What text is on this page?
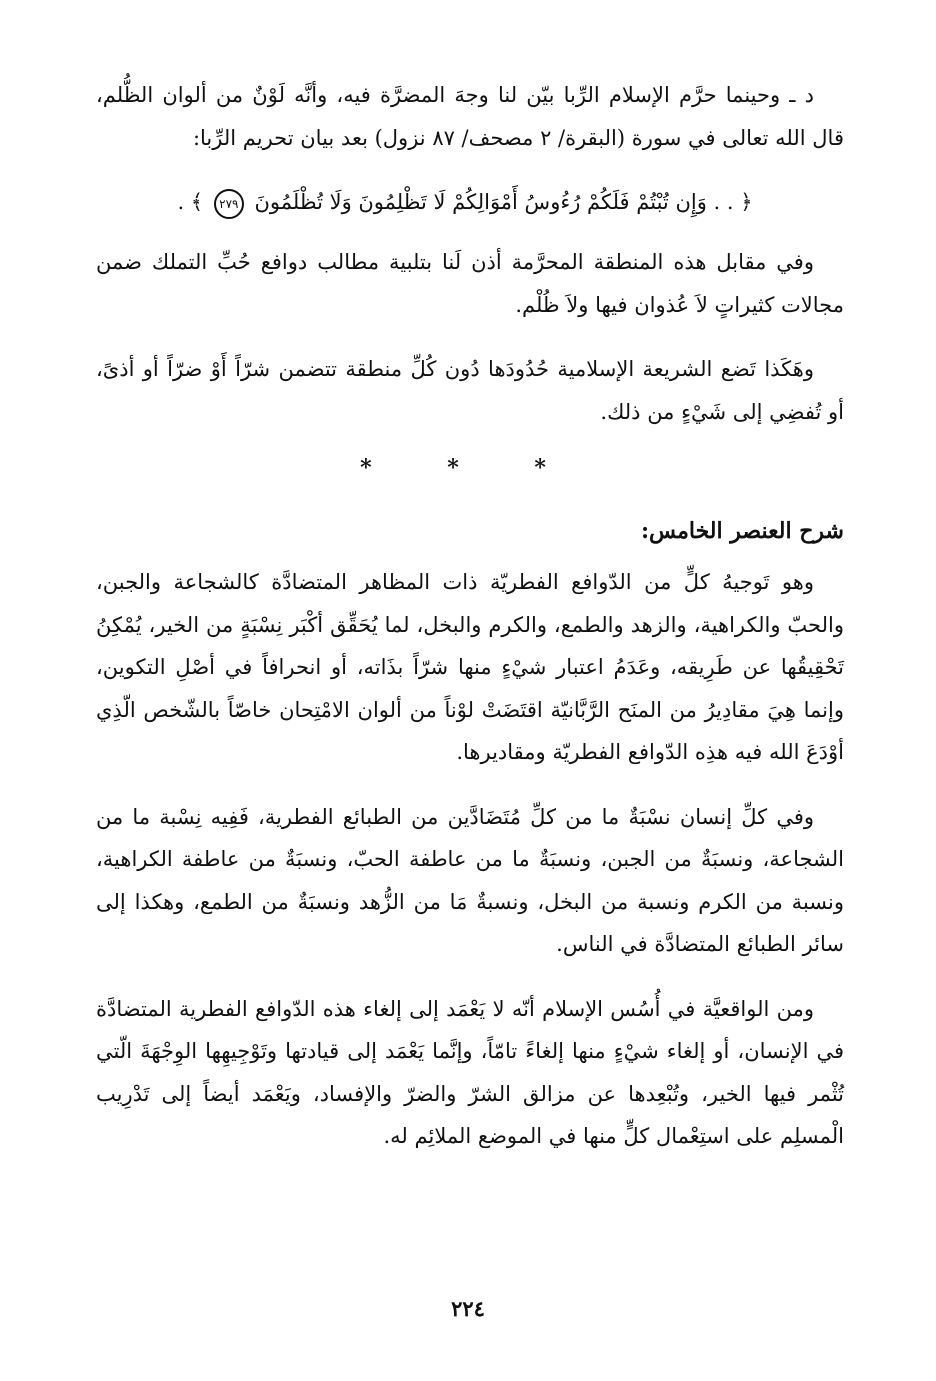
د ـ وحينما حرَّم الإسلام الرِّبا بيّن لنا وجهَ المضرَّة فيه، وأنَّه لَوْنٌ من ألوان الظُّلم، قال الله تعالى في سورة (البقرة/ ٢ مصحف/ ٨٧ نزول) بعد بيان تحريم الرِّبا:

﴿ . . وَإِن تُبْتُمْ فَلَكُمْ رُءُوسُ أَمْوَالِكُمْ لَا تَظْلِمُونَ وَلَا تُظْلَمُونَ ٢٧٩ ﴾ .

وفي مقابل هذه المنطقة المحرَّمة أذن لَنا بتلبية مطالب دوافع حُبِّ التملك ضمن مجالات كثيراتٍ لاَ عُذوان فيها ولاَ ظُلْم.

وهَكَذا تَضع الشريعة الإسلامية حُدُودَها دُون كُلِّ منطقة تتضمن شرّاً أَوْ ضرّاً أو أذىً، أو تُفضِي إلى شَيْءٍ من ذلك.

* * *
شرح العنصر الخامس:

وهو تَوجيهُ كلٍّ من الدّوافع الفطريّة ذات المظاهر المتضادَّة كالشجاعة والجبن، والحبّ والكراهية، والزهد والطمع، والكرم والبخل، لما يُحَقِّق أكْبَر نِسْبَةٍ من الخير، يُمْكِنُ تَحْقِيقُها عن طَرِيقه، وعَدَمُ اعتبار شيْءٍ منها شرّاً بذَاته، أو انحرافاً في أصْلِ التكوين، وإنما هِيَ مقادِيرُ من المنَح الرَّبَّانيّة اقتَضَتْ لوْناً من ألوان الامْتِحان خاصّاً بالشّخص الّذِي أوْدَعَ الله فيه هذِه الدّوافع الفطريّة ومقاديرها.

وفي كلِّ إنسان نسْبَةٌ ما من كلِّ مُتَضَادَّين من الطبائع الفطرية، فَفِيه نِسْبة ما من الشجاعة، ونسبَةٌ من الجبن، ونسبَةٌ ما من عاطفة الحبّ، ونسبَةٌ من عاطفة الكراهية، ونسبة من الكرم ونسبة من البخل، ونسبةٌ مَا من الزُّهد ونسبَةٌ من الطمع، وهكذا إلى سائر الطبائع المتضادَّة في الناس.

ومن الواقعيَّة في أُسُس الإسلام أنّه لا يَعْمَد إلى إلغاء هذه الدّوافع الفطرية المتضادَّة في الإنسان، أو إلغاء شيْءٍ منها إلغاءً تامّاً، وإنَّما يَعْمَد إلى قيادتها وتَوْجِيهِها الوِجْهَةَ الّتي تُثْمر فيها الخير، وتُبْعِدها عن مزالق الشرّ والضرّ والإفساد، ويَعْمَد أيضاً إلى تَدْرِيب الْمسلِم على استِعْمال كلٍّ منها في الموضع الملائِم له.

٢٢٤
